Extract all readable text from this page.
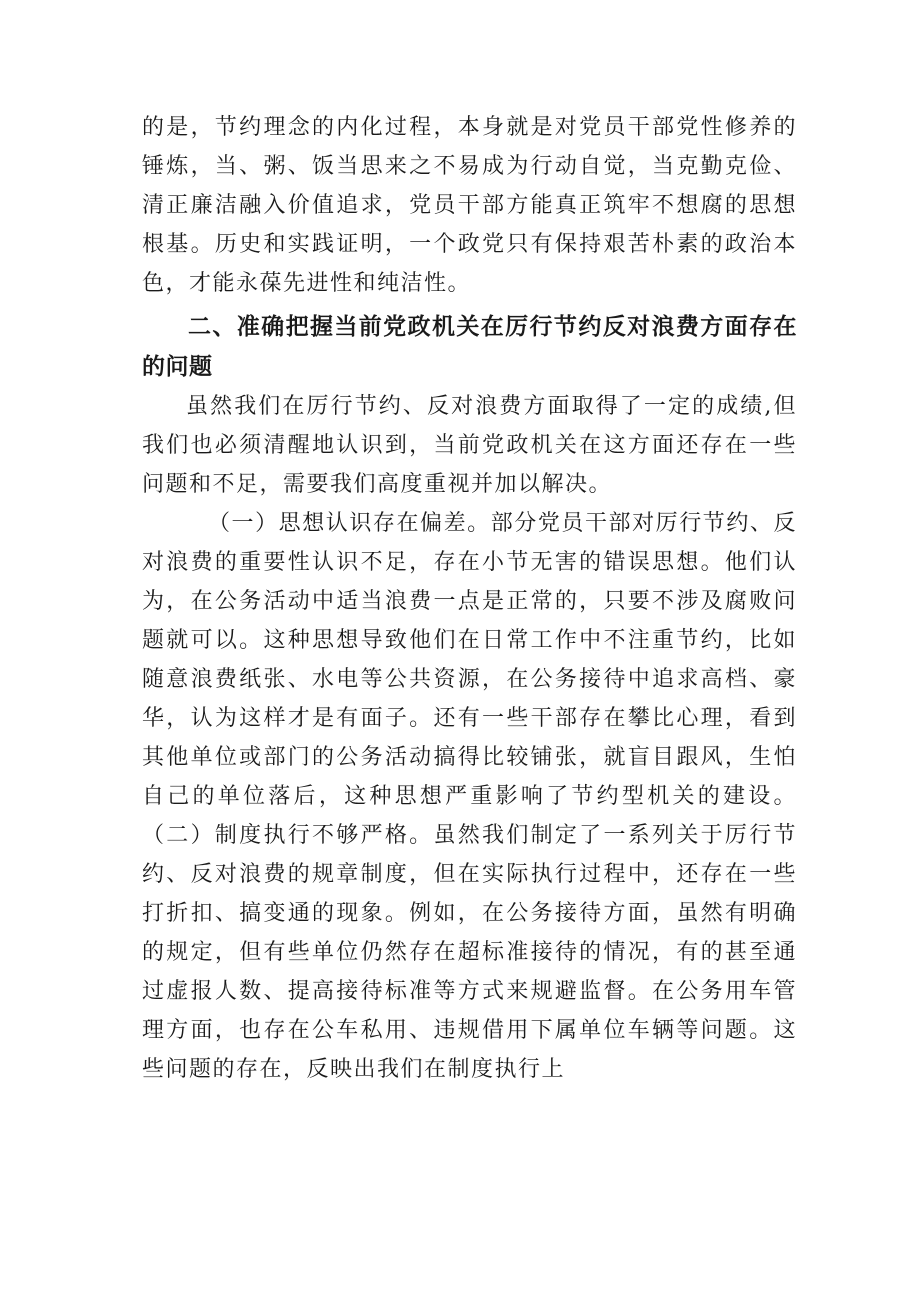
的是，节约理念的内化过程，本身就是对党员干部党性修养的锤炼，当、粥、饭当思来之不易成为行动自觉，当克勤克俭、清正廉洁融入价值追求，党员干部方能真正筑牢不想腐的思想根基。历史和实践证明，一个政党只有保持艰苦朴素的政治本色，才能永葆先进性和纯洁性。

二、准确把握当前党政机关在厉行节约反对浪费方面存在的问题

虽然我们在厉行节约、反对浪费方面取得了一定的成绩,但我们也必须清醒地认识到，当前党政机关在这方面还存在一些问题和不足，需要我们高度重视并加以解决。

（一）思想认识存在偏差。部分党员干部对厉行节约、反对浪费的重要性认识不足，存在小节无害的错误思想。他们认为，在公务活动中适当浪费一点是正常的，只要不涉及腐败问题就可以。这种思想导致他们在日常工作中不注重节约，比如随意浪费纸张、水电等公共资源，在公务接待中追求高档、豪华，认为这样才是有面子。还有一些干部存在攀比心理，看到其他单位或部门的公务活动搞得比较铺张，就盲目跟风，生怕自己的单位落后，这种思想严重影响了节约型机关的建设。（二）制度执行不够严格。虽然我们制定了一系列关于厉行节约、反对浪费的规章制度，但在实际执行过程中，还存在一些打折扣、搞变通的现象。例如，在公务接待方面，虽然有明确的规定，但有些单位仍然存在超标准接待的情况，有的甚至通过虚报人数、提高接待标准等方式来规避监督。在公务用车管理方面，也存在公车私用、违规借用下属单位车辆等问题。这些问题的存在，反映出我们在制度执行上
